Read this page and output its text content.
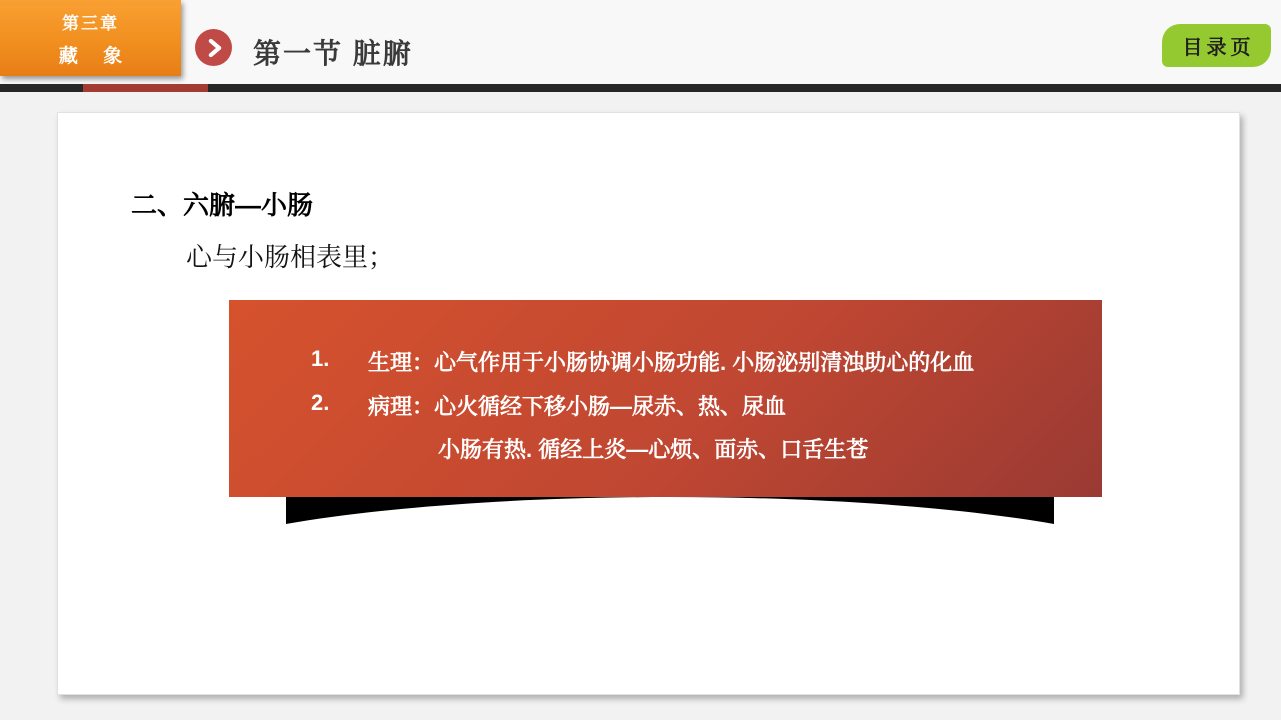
第一节 脏腑	目录页
第三章
藏 象
二、六腑—小肠
心与小肠相表里；
1. 生理：心气作用于小肠协调小肠功能. 小肠泌别清浊助心的化血
2. 病理：心火循经下移小肠—尿赤、热、尿血
小肠有热. 循经上炎—心烦、面赤、口舌生苍
